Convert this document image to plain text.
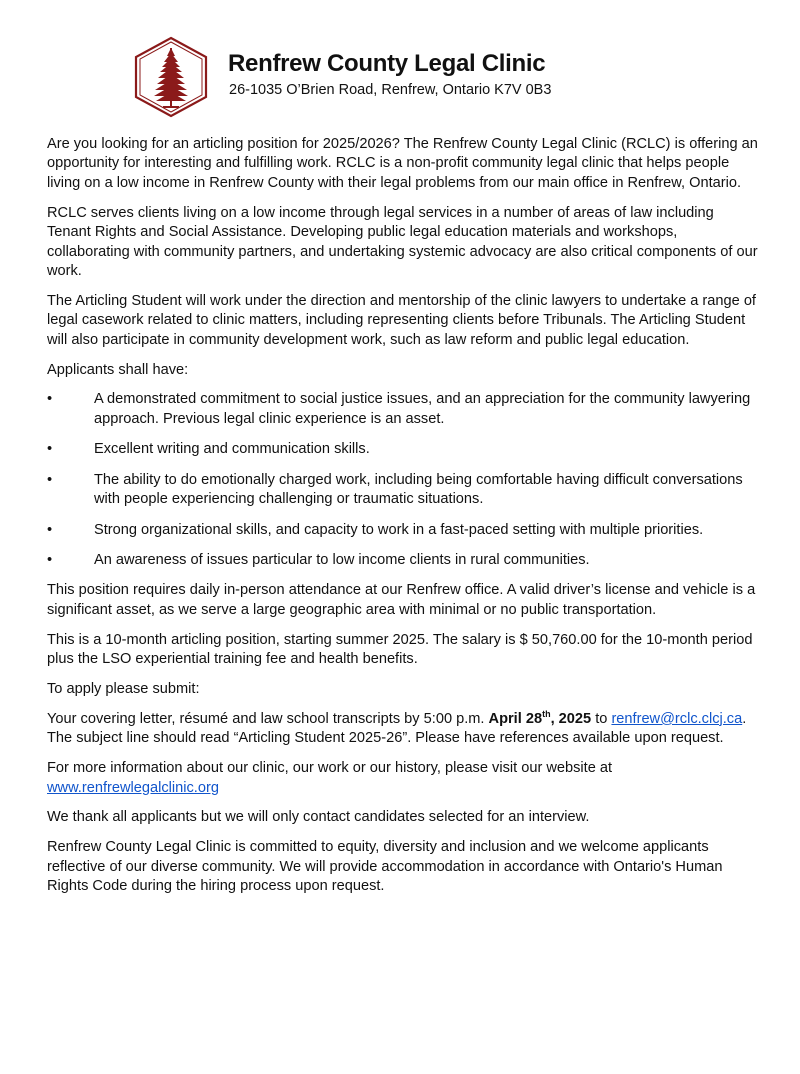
Renfrew County Legal Clinic
26-1035 O’Brien Road, Renfrew, Ontario K7V 0B3

Are you looking for an articling position for 2025/2026? The Renfrew County Legal Clinic (RCLC) is offering an opportunity for interesting and fulfilling work. RCLC is a non-profit community legal clinic that helps people living on a low income in Renfrew County with their legal problems from our main office in Renfrew, Ontario.

RCLC serves clients living on a low income through legal services in a number of areas of law including Tenant Rights and Social Assistance. Developing public legal education materials and workshops, collaborating with community partners, and undertaking systemic advocacy are also critical components of our work.

The Articling Student will work under the direction and mentorship of the clinic lawyers to undertake a range of legal casework related to clinic matters, including representing clients before Tribunals. The Articling Student will also participate in community development work, such as law reform and public legal education.

Applicants shall have:

•	A demonstrated commitment to social justice issues, and an appreciation for the community lawyering approach. Previous legal clinic experience is an asset.
•	Excellent writing and communication skills.
•	The ability to do emotionally charged work, including being comfortable having difficult conversations with people experiencing challenging or traumatic situations.
•	Strong organizational skills, and capacity to work in a fast-paced setting with multiple priorities.
•	An awareness of issues particular to low income clients in rural communities.

This position requires daily in-person attendance at our Renfrew office. A valid driver’s license and vehicle is a significant asset, as we serve a large geographic area with minimal or no public transportation.

This is a 10-month articling position, starting summer 2025. The salary is $ 50,760.00 for the 10-month period plus the LSO experiential training fee and health benefits.

To apply please submit:

Your covering letter, résumé and law school transcripts by 5:00 p.m. April 28th, 2025 to renfrew@rclc.clcj.ca. The subject line should read “Articling Student 2025-26”. Please have references available upon request.

For more information about our clinic, our work or our history, please visit our website at www.renfrewlegalclinic.org

We thank all applicants but we will only contact candidates selected for an interview.

Renfrew County Legal Clinic is committed to equity, diversity and inclusion and we welcome applicants reflective of our diverse community. We will provide accommodation in accordance with Ontario's Human Rights Code during the hiring process upon request.
